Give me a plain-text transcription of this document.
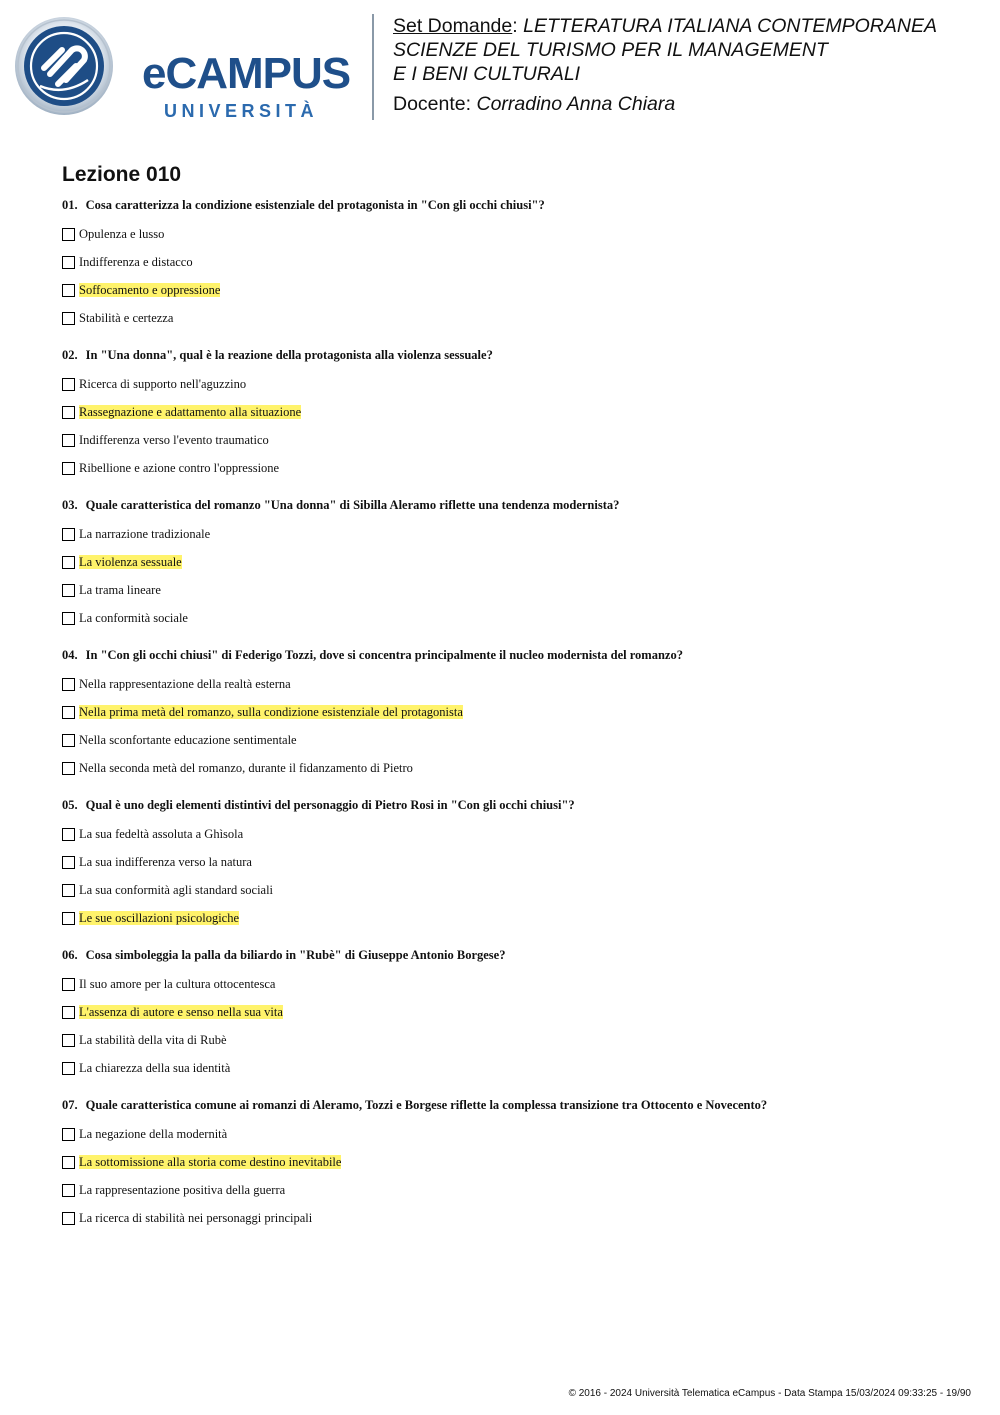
eCAMPUS
UNIVERSITÀ
Set Domande: LETTERATURA ITALIANA CONTEMPORANEA
SCIENZE DEL TURISMO PER IL MANAGEMENT
E I BENI CULTURALI
Docente: Corradino Anna Chiara
Lezione 010

01. Cosa caratterizza la condizione esistenziale del protagonista in "Con gli occhi chiusi"?

Opulenza e lusso
Indifferenza e distacco
Soffocamento e oppressione
Stabilità e certezza

02. In "Una donna", qual è la reazione della protagonista alla violenza sessuale?

Ricerca di supporto nell'aguzzino
Rassegnazione e adattamento alla situazione
Indifferenza verso l'evento traumatico
Ribellione e azione contro l'oppressione

03. Quale caratteristica del romanzo "Una donna" di Sibilla Aleramo riflette una tendenza modernista?

La narrazione tradizionale
La violenza sessuale
La trama lineare
La conformità sociale

04. In "Con gli occhi chiusi" di Federigo Tozzi, dove si concentra principalmente il nucleo modernista del romanzo?

Nella rappresentazione della realtà esterna
Nella prima metà del romanzo, sulla condizione esistenziale del protagonista
Nella sconfortante educazione sentimentale
Nella seconda metà del romanzo, durante il fidanzamento di Pietro

05. Qual è uno degli elementi distintivi del personaggio di Pietro Rosi in "Con gli occhi chiusi"?

La sua fedeltà assoluta a Ghìsola
La sua indifferenza verso la natura
La sua conformità agli standard sociali
Le sue oscillazioni psicologiche

06. Cosa simboleggia la palla da biliardo in "Rubè" di Giuseppe Antonio Borgese?

Il suo amore per la cultura ottocentesca
L'assenza di autore e senso nella sua vita
La stabilità della vita di Rubè
La chiarezza della sua identità

07. Quale caratteristica comune ai romanzi di Aleramo, Tozzi e Borgese riflette la complessa transizione tra Ottocento e Novecento?

La negazione della modernità
La sottomissione alla storia come destino inevitabile
La rappresentazione positiva della guerra
La ricerca di stabilità nei personaggi principali
© 2016 - 2024 Università Telematica eCampus - Data Stampa 15/03/2024 09:33:25 - 19/90
